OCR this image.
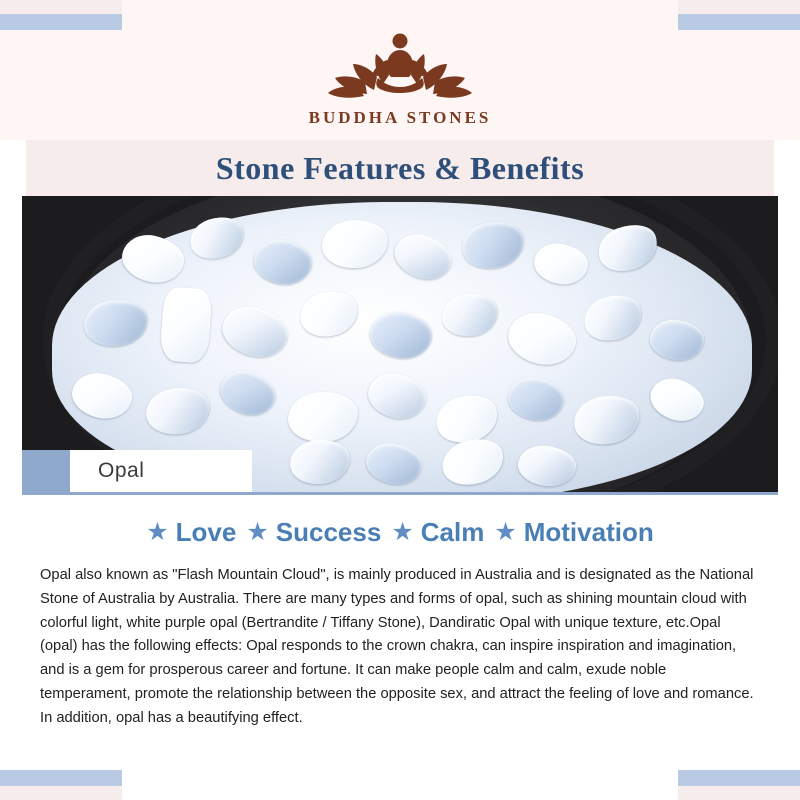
BUDDHA STONES
Stone Features & Benefits
Opal
★ Love ★ Success ★ Calm ★ Motivation

Opal also known as "Flash Mountain Cloud", is mainly produced in Australia and is designated as the National Stone of Australia by Australia. There are many types and forms of opal, such as shining mountain cloud with colorful light, white purple opal (Bertrandite / Tiffany Stone), Dandiratic Opal with unique texture, etc.Opal (opal) has the following effects: Opal responds to the crown chakra, can inspire inspiration and imagination, and is a gem for prosperous career and fortune. It can make people calm and calm, exude noble temperament, promote the relationship between the opposite sex, and attract the feeling of love and romance. In addition, opal has a beautifying effect.
